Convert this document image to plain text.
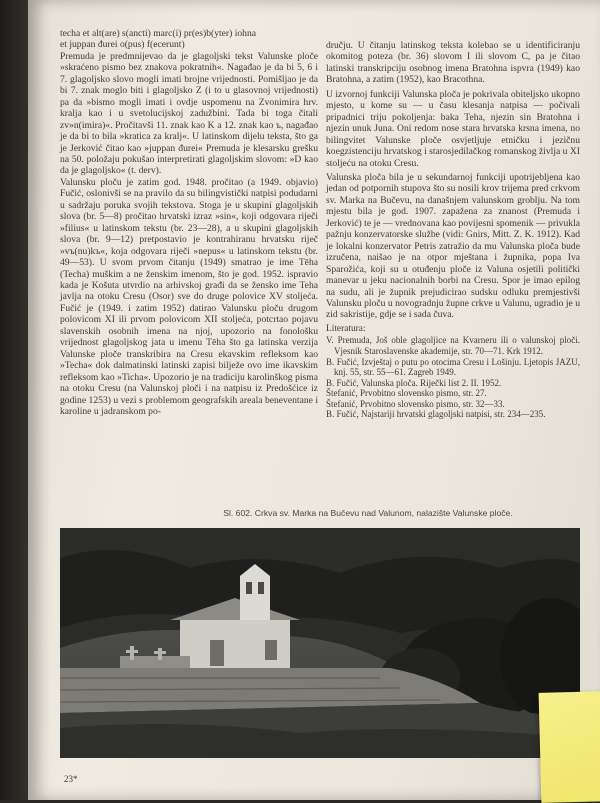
techa et alt(are) s(ancti) marc(i) pr(es)b(yter) iohna

et juppan đurei o(pus) f(ecerunt)

Premuda je predmnijevao da je glagoljski tekst Valunske ploče »skraćeno pismo bez znakova pokratnih«. Nagađao je da bi 5, 6 i 7. glagoljsko slovo mogli imati brojne vrijednosti. Pomišljao je da bi 7. znak moglo biti i glagoljsko Z (i to u glasovnoj vrijednosti) pa da »bismo mogli imati i ovdje uspomenu na Zvonimira hrv. kralja kao i u svetolucijskoj zadužbini. Tada bi toga čitali zv»n(imira)«. Pročitavši 11. znak kao K a 12. znak kao ъ, nagađao je da bi to bila »kratica za kralj«. U latinskom dijelu teksta, što ga je Jerković čitao kao »juppan đurei« Premuda je klesarsku grešku na 50. položaju pokušao interpretirati glagoljskim slovom: »D kao da je glagoljsko« (t. derv).

Valunsku ploču je zatim god. 1948. pročitao (a 1949. objavio) Fučić, oslonivši se na pravilo da su bilingvistički natpisi podudarni u sadržaju poruka svojih tekstova. Stoga je u skupini glagoljskih slova (br. 5—8) pročitao hrvatski izraz »sin«, koji odgovara riječi »filius« u latinskom tekstu (br. 23—28), a u skupini glagoljskih slova (br. 9—12) pretpostavio je kontrahiranu hrvatsku riječ »vъ(nu)kъ«, koja odgovara riječi »nepus« u latinskom tekstu (br. 49—53). U svom prvom čitanju (1949) smatrao je ime Tēha (Techa) muškim a ne ženskim imenom, što je god. 1952. ispravio kada je Košuta utvrdio na arhivskoj građi da se žensko ime Teha javlja na otoku Cresu (Osor) sve do druge polovice XV stoljeća. Fučić je (1949. i zatim 1952) datirao Valunsku ploču drugom polovicom XI ili prvom polovicom XII stoljeća, potcrtao pojavu slavenskih osobnih imena na njoj, upozorio na fonološku vrijednost glagoljskog jata u imenu Tēha što ga latinska verzija Valunske ploče transkribira na Cresu ekavskim refleksom kao »Techa« dok dalmatinski latinski zapisi bilježe ovo ime ikavskim refleksom kao »Ticha«. Upozorio je na tradiciju karolinškog pisma na otoku Cresu (na Valunskoj ploči i na natpisu iz Predošćice iz godine 1253) u vezi s problemom geografskih areala beneventane i karoline u jadranskom po-

dručju. U čitanju latinskog teksta kolebao se u identificiranju okomitog poteza (br. 36) slovom I ili slovom C, pa je čitao latinski transkripciju osobnog imena Bratohna ispvra (1949) kao Bratohna, a zatim (1952), kao Bracothna.

U izvornoj funkciji Valunska ploča je pokrivala obiteljsko ukopno mjesto, u kome su — u času klesanja natpisa — počivali pripadnici triju pokoljenja: baka Teha, njezin sin Bratohna i njezin unuk Juna. Oni redom nose stara hrvatska krsna imena, no bilingvitet Valunske ploče osvjetljuje etničku i jezičnu koegzistenciju hrvatskog i starosjedilačkog romanskog življa u XI stoljeću na otoku Cresu.

Valunska ploča bila je u sekundarnoj funkciji upotrijebljena kao jedan od potpornih stupova što su nosili krov trijema pred crkvom sv. Marka na Bučevu, na današnjem valunskom groblju. Na tom mjestu bila je god. 1907. zapažena za znanost (Premuda i Jerković) te je — vrednovana kao povijesni spomenik — privukla pažnju konzervatorske službe (vidi: Gnirs, Mitt. Z. K. 1912). Kad je lokalni konzervator Petris zatražio da mu Valunska ploča bude izručena, naišao je na otpor mještana i župnika, popa Iva Sparožića, koji su u otuđenju ploče iz Valuna osjetili politički manevar u jeku nacionalnih borbi na Cresu. Spor je imao epilog na sudu, ali je župnik prejudicirao sudsku odluku premjestivši Valunsku ploču u novogradnju župne crkve u Valunu, ugradio je u zid sakristije, gdje se i sada čuva.

Literatura:

V. Premuda, Još oble glagoljice na Kvarneru ili o valunskoj ploči. Vjesnik Staroslavenske akademije, str. 70—71. Krk 1912.
B. Fučić, Izvještaj o putu po otocima Cresu i Lošinju. Ljetopis JAZU, knj. 55, str. 55—61. Zagreb 1949.
B. Fučić, Valunska ploča. Riječki list 2. II. 1952.
Štefanić, Prvobitno slovensko pismo, str. 27.
Štefanić, Prvobitno slovensko pismo, str. 32—33.
B. Fučić, Najstariji hrvatski glagoljski natpisi, str. 234—235.
Sl. 602. Crkva sv. Marka na Bučevu nad Valunom, nalazište Valunske ploče.
23*
